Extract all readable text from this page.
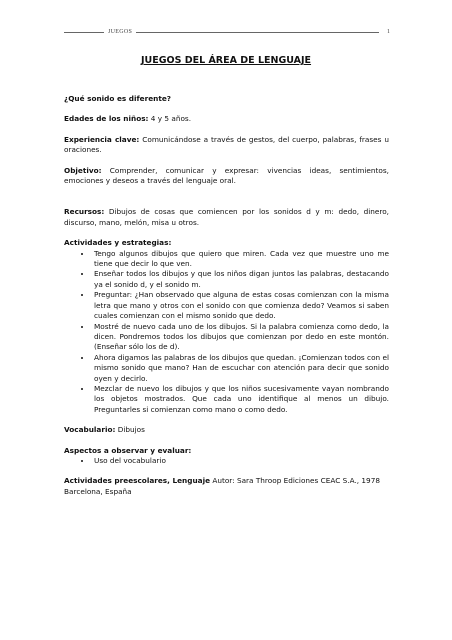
JUEGOS	1
JUEGOS DEL ÁREA DE LENGUAJE

¿Qué sonido es diferente?

Edades de los niños: 4 y 5 años.

Experiencia clave: Comunicándose a través de gestos, del cuerpo, palabras, frases u oraciones.

Objetivo: Comprender, comunicar y expresar: vivencias ideas, sentimientos, emociones y deseos a través del lenguaje oral.

Recursos: Dibujos de cosas que comiencen por los sonidos d y m: dedo, dinero, discurso, mano, melón, misa u otros.

Actividades y estrategias:

• Tengo algunos dibujos que quiero que miren. Cada vez que muestre uno me tiene que decir lo que ven.
• Enseñar todos los dibujos y que los niños digan juntos las palabras, destacando ya el sonido d, y el sonido m.
• Preguntar: ¿Han observado que alguna de estas cosas comienzan con la misma letra que mano y otros con el sonido con que comienza dedo? Veamos si saben cuales comienzan con el mismo sonido que dedo.
• Mostré de nuevo cada uno de los dibujos. Si la palabra comienza como dedo, la dicen. Pondremos todos los dibujos que comienzan por dedo en este montón. (Enseñar sólo los de d).
• Ahora digamos las palabras de los dibujos que quedan. ¡Comienzan todos con el mismo sonido que mano? Han de escuchar con atención para decir que sonido oyen y decirlo.
• Mezclar de nuevo los dibujos y que los niños sucesivamente vayan nombrando los objetos mostrados. Que cada uno identifique al menos un dibujo. Preguntarles si comienzan como mano o como dedo.

Vocabulario: Dibujos

Aspectos a observar y evaluar:

• Uso del vocabulario

Actividades preescolares, Lenguaje Autor: Sara Throop Ediciones CEAC S.A., 1978 Barcelona, España
